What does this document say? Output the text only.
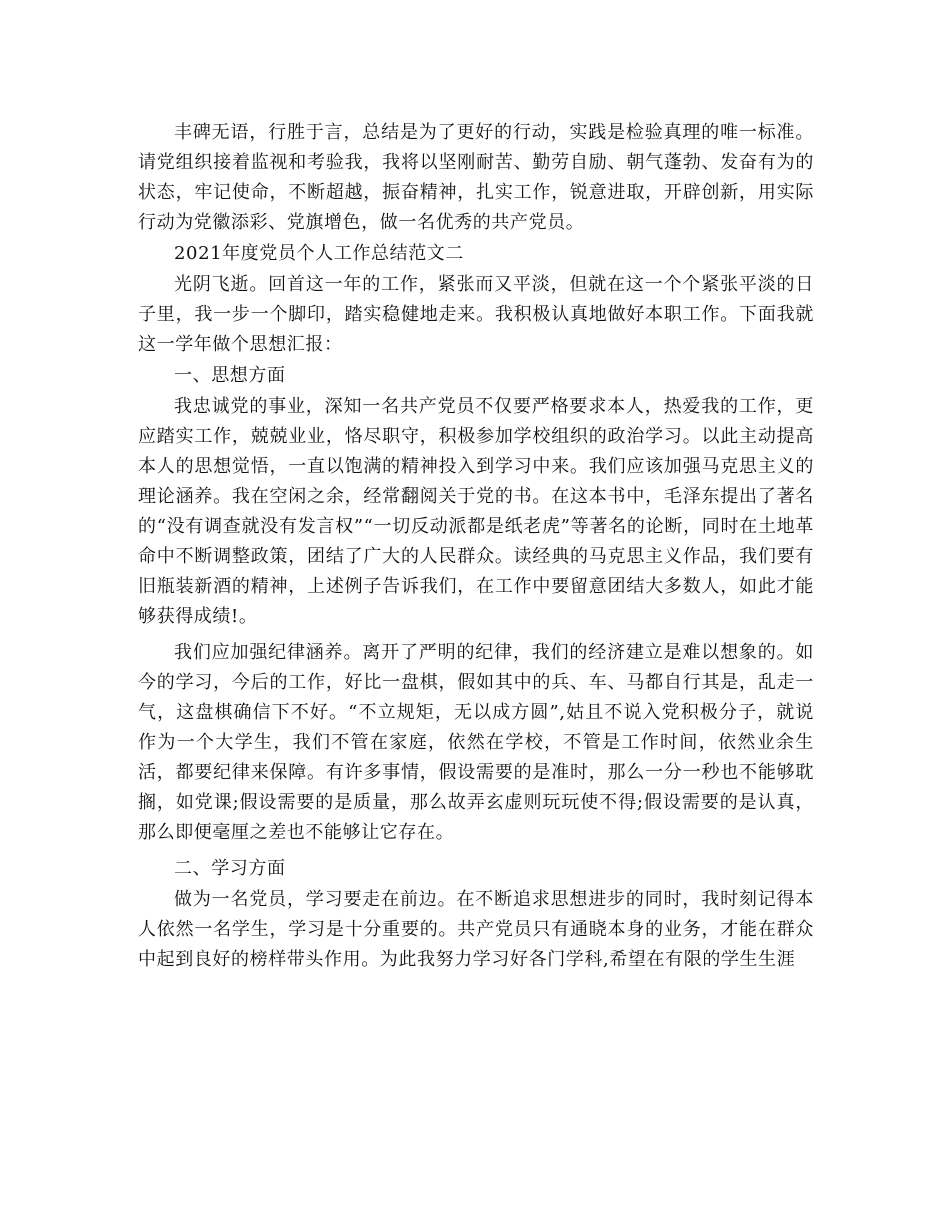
丰碑无语，行胜于言，总结是为了更好的行动，实践是检验真理的唯一标准。请党组织接着监视和考验我，我将以坚刚耐苦、勤劳自励、朝气蓬勃、发奋有为的状态，牢记使命，不断超越，振奋精神，扎实工作，锐意进取，开辟创新，用实际行动为党徽添彩、党旗增色，做一名优秀的共产党员。

2021年度党员个人工作总结范文二

光阴飞逝。回首这一年的工作，紧张而又平淡，但就在这一个个紧张平淡的日子里，我一步一个脚印，踏实稳健地走来。我积极认真地做好本职工作。下面我就这一学年做个思想汇报：

一、思想方面

我忠诚党的事业，深知一名共产党员不仅要严格要求本人，热爱我的工作，更应踏实工作，兢兢业业，恪尽职守，积极参加学校组织的政治学习。以此主动提高本人的思想觉悟，一直以饱满的精神投入到学习中来。我们应该加强马克思主义的理论涵养。我在空闲之余，经常翻阅关于党的书。在这本书中，毛泽东提出了著名的“没有调查就没有发言权”“一切反动派都是纸老虎”等著名的论断，同时在土地革命中不断调整政策，团结了广大的人民群众。读经典的马克思主义作品，我们要有旧瓶装新酒的精神，上述例子告诉我们，在工作中要留意团结大多数人，如此才能够获得成绩!。

我们应加强纪律涵养。离开了严明的纪律，我们的经济建立是难以想象的。如今的学习，今后的工作，好比一盘棋，假如其中的兵、车、马都自行其是，乱走一气，这盘棋确信下不好。“不立规矩，无以成方圆”,姑且不说入党积极分子，就说作为一个大学生，我们不管在家庭，依然在学校，不管是工作时间，依然业余生活，都要纪律来保障。有许多事情，假设需要的是准时，那么一分一秒也不能够耽搁，如党课;假设需要的是质量，那么故弄玄虚则玩玩使不得;假设需要的是认真，那么即便毫厘之差也不能够让它存在。

二、学习方面

做为一名党员，学习要走在前边。在不断追求思想进步的同时，我时刻记得本人依然一名学生，学习是十分重要的。共产党员只有通晓本身的业务，才能在群众中起到良好的榜样带头作用。为此我努力学习好各门学科,希望在有限的学生生涯
